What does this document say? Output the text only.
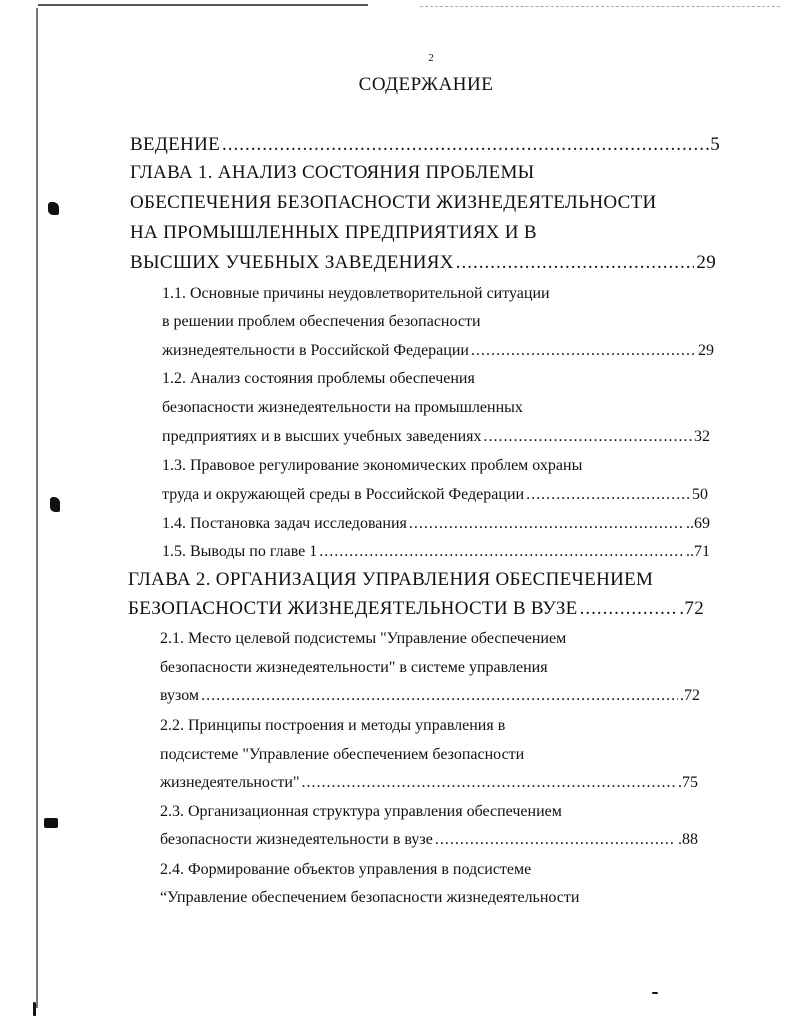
2
СОДЕРЖАНИЕ
ВЕДЕНИЕ .....	.5
ГЛАВА 1. АНАЛИЗ СОСТОЯНИЯ ПРОБЛЕМЫ
ОБЕСПЕЧЕНИЯ БЕЗОПАСНОСТИ ЖИЗНЕДЕЯТЕЛЬНОСТИ
НА ПРОМЫШЛЕННЫХ ПРЕДПРИЯТИЯХ И В
ВЫСШИХ УЧЕБНЫХ ЗАВЕДЕНИЯХ .....	29
1.1. Основные причины неудовлетворительной ситуации
в решении проблем обеспечения безопасности
жизнедеятельности в Российской Федерации .....	29
1.2. Анализ состояния проблемы обеспечения
безопасности жизнедеятельности на промышленных
предприятиях и в высших учебных заведениях .....	32
1.3. Правовое регулирование экономических проблем охраны
труда и окружающей среды в Российской Федерации .....	50
1.4. Постановка задач исследования .....	..69
1.5. Выводы по главе 1 .....	..71
ГЛАВА 2. ОРГАНИЗАЦИЯ УПРАВЛЕНИЯ ОБЕСПЕЧЕНИЕМ
БЕЗОПАСНОСТИ ЖИЗНЕДЕЯТЕЛЬНОСТИ В ВУЗЕ .....	.72
2.1. Место целевой подсистемы "Управление обеспечением
безопасности жизнедеятельности" в системе управления
вузом .....	.72
2.2. Принципы построения и методы управления в
подсистеме "Управление обеспечением безопасности
жизнедеятельности" .....	.75
2.3. Организационная структура управления обеспечением
безопасности жизнедеятельности в вузе .....	.88
2.4. Формирование объектов управления в подсистеме
“Управление обеспечением безопасности жизнедеятельности
